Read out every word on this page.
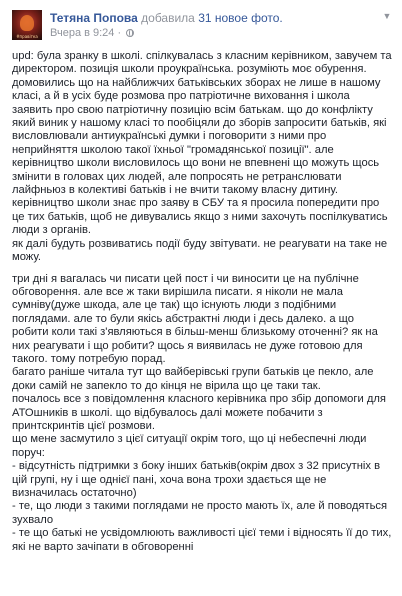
#правітка
Тетяна Попова добавила 31 новое фото.
Вчера в 9:24 ·
▼

upd: була зранку в школі. спілкувалась з класним керівником, завучем та директором. позиція школи проукраїнська. розуміють моє обурення. домовились що на найближчих батьківських зборах не лише в нашому класі, а й в усіх буде розмова про патріотичне виховання і школа заявить про свою патріотичну позицію всім батькам. що до конфлікту який виник у нашому класі то пообіцяли до зборів запросити батьків, які висловлювали антиукраїнські думки і поговорити з ними про неприйняття школою такої їхньої "громадянської позиції". але керівництво школи висловилось що вони не впевнені що можуть щось змінити в головах цих людей, але попросять не ретранслювати лайфньюз в колективі батьків і не вчити такому власну дитину. керівництво школи знає про заяву в СБУ та я просила попередити про це тих батьків, щоб не дивувались якщо з ними захочуть поспілкуватись люди з органів.

як далі будуть розвиватись події буду звітувати. не реагувати на таке не можу.

три дні я вагалась чи писати цей пост і чи виносити це на публічне обговорення. але все ж таки вирішила писати. я ніколи не мала сумніву(дуже шкода, але це так) що існують люди з подібними поглядами. але то були якісь абстрактні люди і десь далеко. а що робити коли такі з'являються в більш-менш близькому оточенні? як на них реагувати і що робити? щось я виявилась не дуже готовою для такого. тому потребую порад.

багато раніше читала тут що вайберівські групи батьків це пекло, але доки самій не запекло то до кінця не вірила що це таки так.

почалось все з повідомлення класного керівника про збір допомоги для АТОшників в школі. що відбувалось далі можете побачити з принтскринтів цієї розмови.

що мене засмутило з цієї ситуації окрім того, що ці небеспечні люди поруч:

- відсутність підтримки з боку інших батьків(окрім двох з 32 присутніх в цій групі, ну і ще однієї пані, хоча вона трохи здається ще не визначилась остаточно)

- те, що люди з такими поглядами не просто мають їх, але й поводяться зухвало

- те що батькі не усвідомлюють важливості цієї теми і відносять її до тих, які не варто зачіпати в обговоренні
